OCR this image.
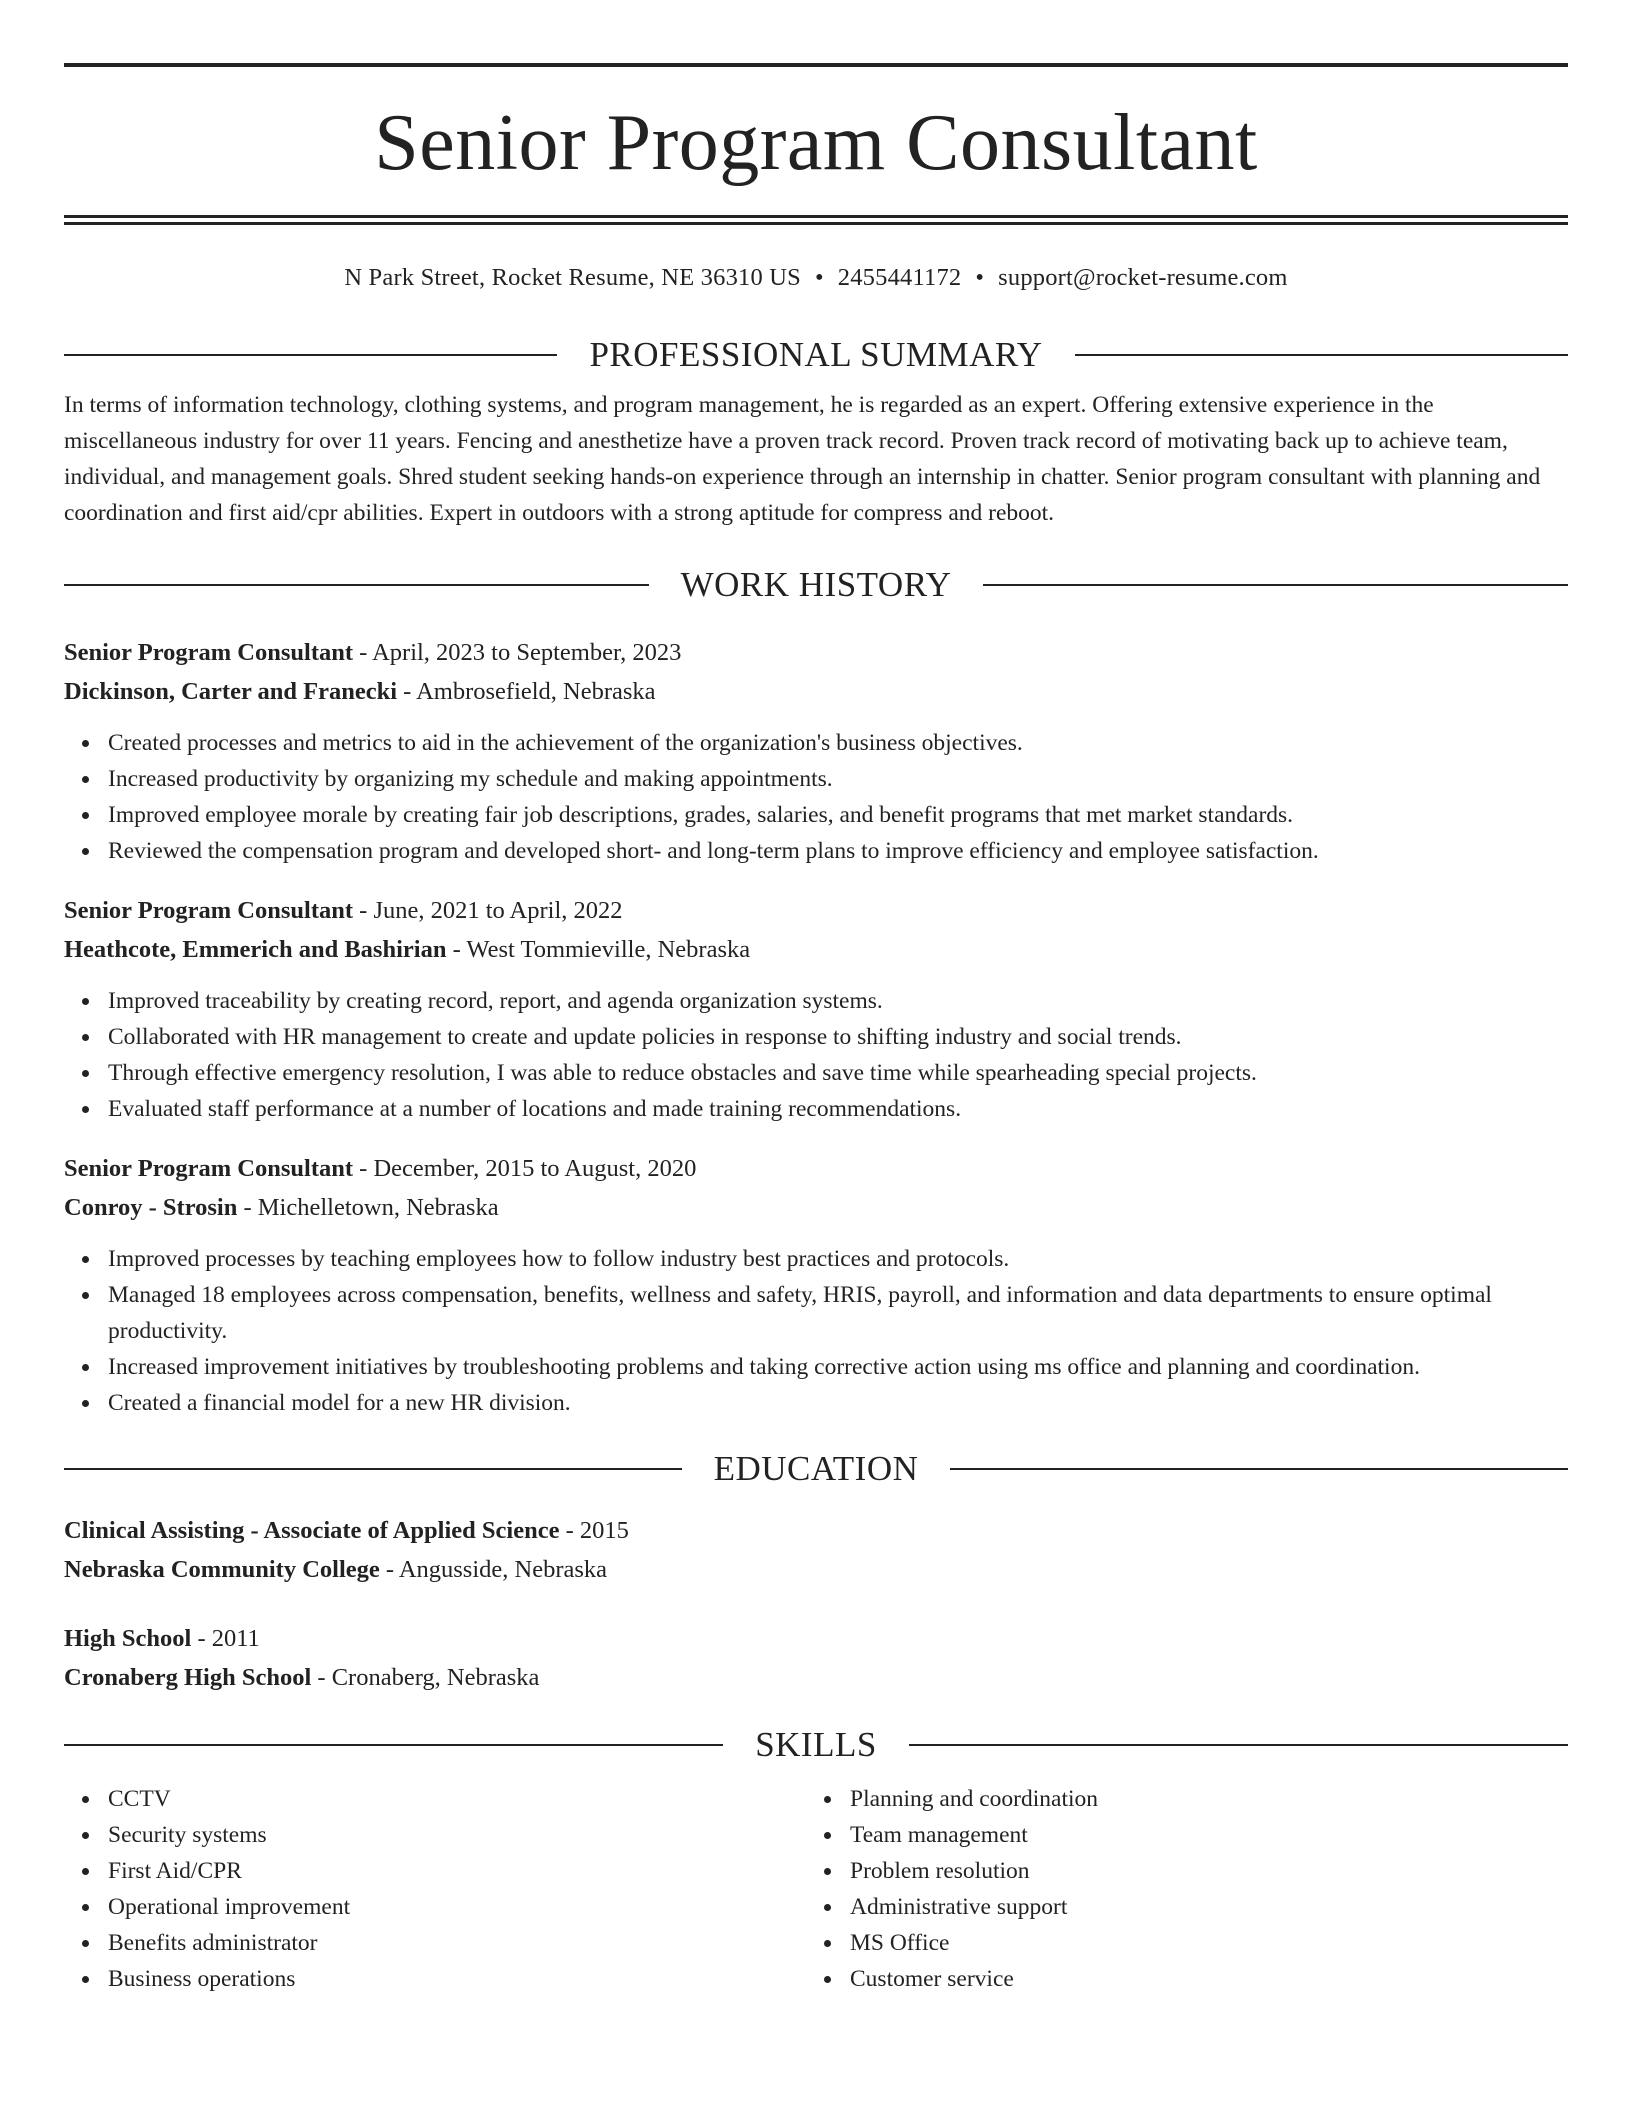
Senior Program Consultant
N Park Street, Rocket Resume, NE 36310 US • 2455441172 • support@rocket-resume.com
PROFESSIONAL SUMMARY

In terms of information technology, clothing systems, and program management, he is regarded as an expert. Offering extensive experience in the miscellaneous industry for over 11 years. Fencing and anesthetize have a proven track record. Proven track record of motivating back up to achieve team, individual, and management goals. Shred student seeking hands-on experience through an internship in chatter. Senior program consultant with planning and coordination and first aid/cpr abilities. Expert in outdoors with a strong aptitude for compress and reboot.

WORK HISTORY
Senior Program Consultant - April, 2023 to September, 2023
Dickinson, Carter and Franecki - Ambrosefield, Nebraska
Created processes and metrics to aid in the achievement of the organization's business objectives.
Increased productivity by organizing my schedule and making appointments.
Improved employee morale by creating fair job descriptions, grades, salaries, and benefit programs that met market standards.
Reviewed the compensation program and developed short- and long-term plans to improve efficiency and employee satisfaction.
Senior Program Consultant - June, 2021 to April, 2022
Heathcote, Emmerich and Bashirian - West Tommieville, Nebraska
Improved traceability by creating record, report, and agenda organization systems.
Collaborated with HR management to create and update policies in response to shifting industry and social trends.
Through effective emergency resolution, I was able to reduce obstacles and save time while spearheading special projects.
Evaluated staff performance at a number of locations and made training recommendations.
Senior Program Consultant - December, 2015 to August, 2020
Conroy - Strosin - Michelletown, Nebraska
Improved processes by teaching employees how to follow industry best practices and protocols.
Managed 18 employees across compensation, benefits, wellness and safety, HRIS, payroll, and information and data departments to ensure optimal productivity.
Increased improvement initiatives by troubleshooting problems and taking corrective action using ms office and planning and coordination.
Created a financial model for a new HR division.
EDUCATION
Clinical Assisting - Associate of Applied Science - 2015
Nebraska Community College - Angusside, Nebraska
High School - 2011
Cronaberg High School - Cronaberg, Nebraska
SKILLS
CCTV
Security systems
First Aid/CPR
Operational improvement
Benefits administrator
Business operations
Planning and coordination
Team management
Problem resolution
Administrative support
MS Office
Customer service
